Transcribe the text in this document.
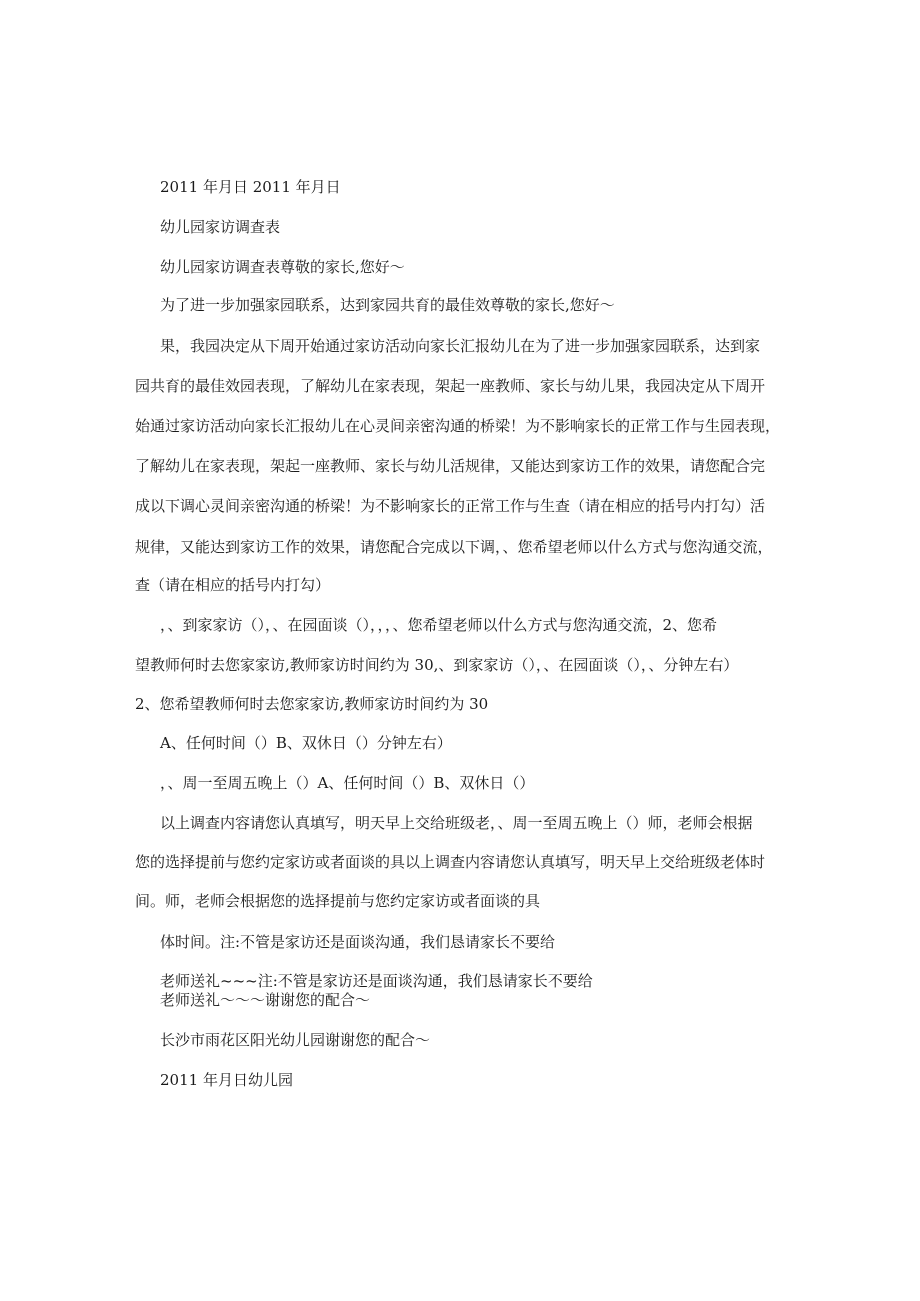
2011 年月日 2011 年月日
幼儿园家访调查表
幼儿园家访调查表尊敬的家长,您好～
为了进一步加强家园联系，达到家园共育的最佳效尊敬的家长,您好～
果，我园决定从下周开始通过家访活动向家长汇报幼儿在为了进一步加强家园联系，达到家
园共育的最佳效园表现，了解幼儿在家表现，架起一座教师、家长与幼儿果，我园决定从下周开
始通过家访活动向家长汇报幼儿在心灵间亲密沟通的桥梁！为不影响家长的正常工作与生园表现，
了解幼儿在家表现，架起一座教师、家长与幼儿活规律，又能达到家访工作的效果，请您配合完
成以下调心灵间亲密沟通的桥梁！为不影响家长的正常工作与生查（请在相应的括号内打勾）活
规律，又能达到家访工作的效果，请您配合完成以下调，、您希望老师以什么方式与您沟通交流，
查（请在相应的括号内打勾）
，、到家家访（），、在园面谈（），，，、您希望老师以什么方式与您沟通交流，2、您希
望教师何时去您家家访,教师家访时间约为 30,、到家家访（），、在园面谈（），、分钟左右）
2、您希望教师何时去您家家访,教师家访时间约为 30
A、任何时间（）B、双休日（）分钟左右）
，、周一至周五晚上（）A、任何时间（）B、双休日（）
以上调查内容请您认真填写，明天早上交给班级老，、周一至周五晚上（）师，老师会根据
您的选择提前与您约定家访或者面谈的具以上调查内容请您认真填写，明天早上交给班级老体时
间。师，老师会根据您的选择提前与您约定家访或者面谈的具
体时间。注:不管是家访还是面谈沟通，我们恳请家长不要给
老师送礼~~~注:不管是家访还是面谈沟通，我们恳请家长不要给
老师送礼～～～谢谢您的配合～
长沙市雨花区阳光幼儿园谢谢您的配合～
2011 年月日幼儿园
